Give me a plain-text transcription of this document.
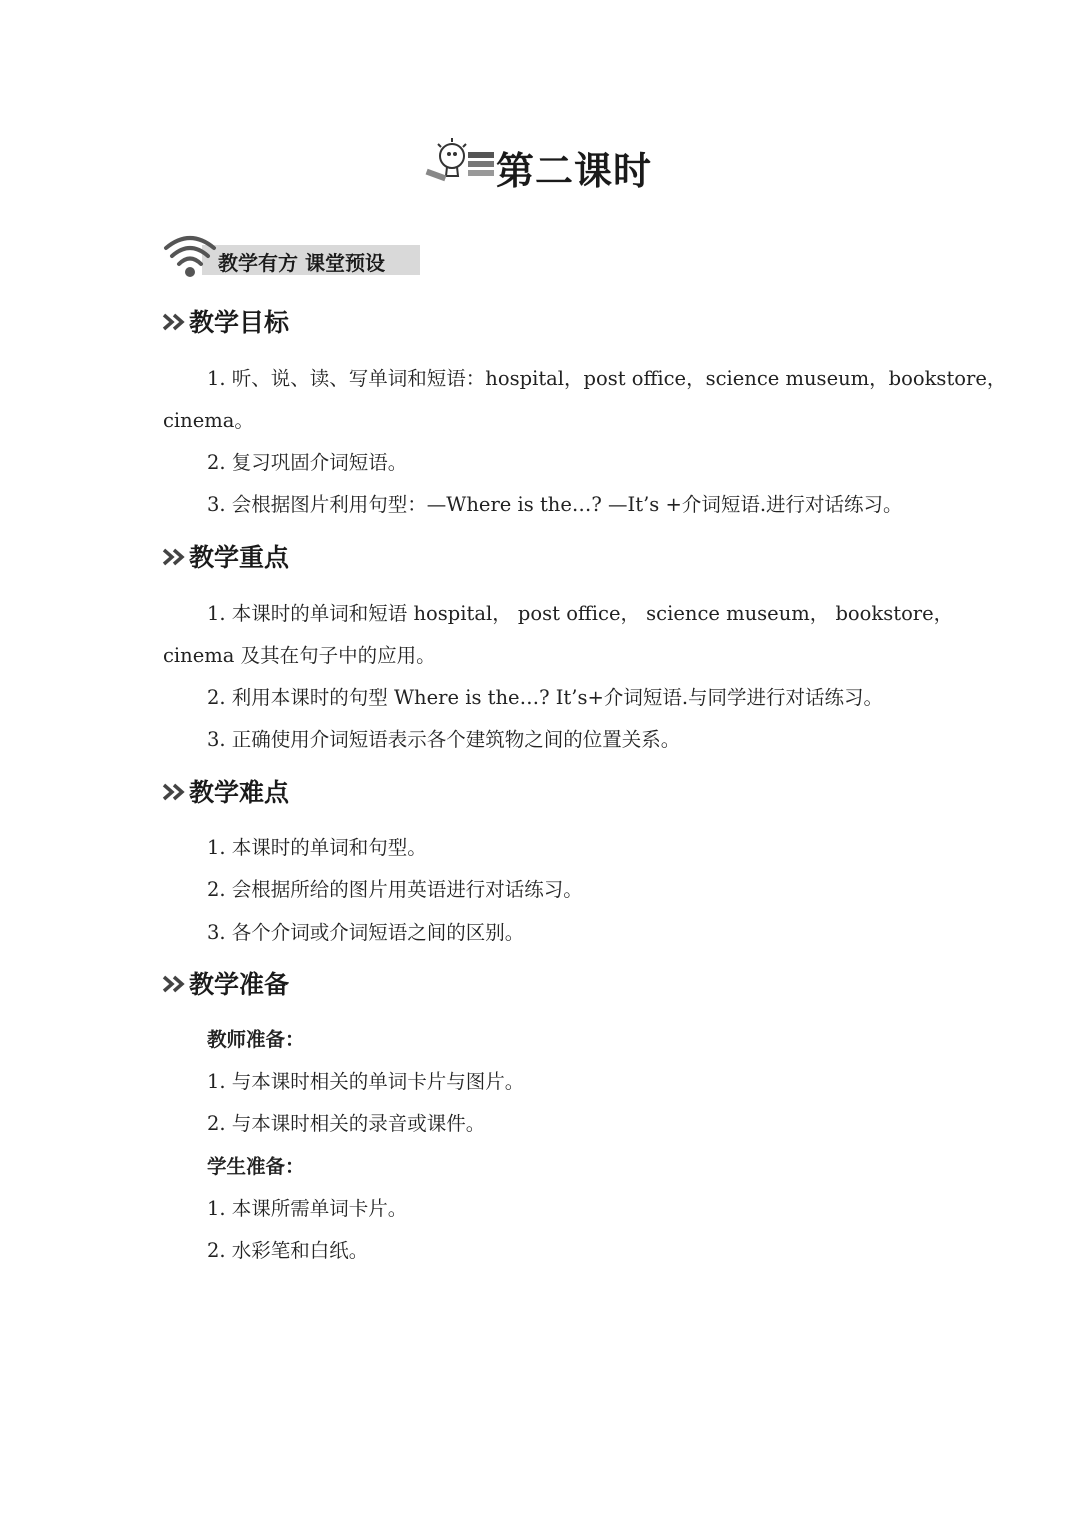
第二课时
教学有方 课堂预设
教学目标
1. 听、说、读、写单词和短语：hospital，post office，science museum，bookstore，
cinema。
2. 复习巩固介词短语。
3. 会根据图片利用句型：—Where is the…? —It’s +介词短语.进行对话练习。
教学重点
1. 本课时的单词和短语 hospital， post office， science museum， bookstore，
cinema 及其在句子中的应用。
2. 利用本课时的句型 Where is the…? It’s+介词短语.与同学进行对话练习。
3. 正确使用介词短语表示各个建筑物之间的位置关系。
教学难点
1. 本课时的单词和句型。
2. 会根据所给的图片用英语进行对话练习。
3. 各个介词或介词短语之间的区别。
教学准备
教师准备：
1. 与本课时相关的单词卡片与图片。
2. 与本课时相关的录音或课件。
学生准备：
1. 本课所需单词卡片。
2. 水彩笔和白纸。
